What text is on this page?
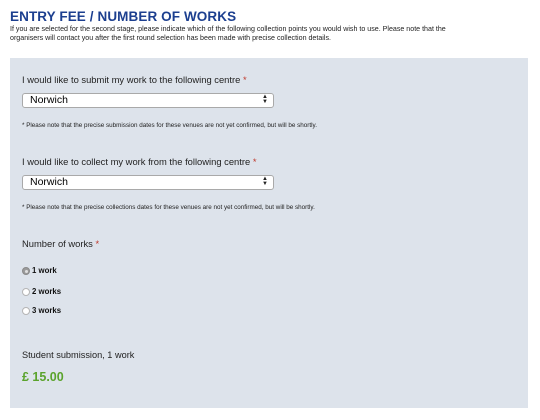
ENTRY FEE / NUMBER OF WORKS
If you are selected for the second stage, please indicate which of the following collection points you would wish to use. Please note that the
organisers will contact you after the first round selection has been made with precise collection details.
I would like to submit my work to the following centre *
Norwich	▲
▼
* Please note that the precise submission dates for these venues are not yet confirmed, but will be shortly.
I would like to collect my work from the following centre *
Norwich	▲
▼
* Please note that the precise collections dates for these venues are not yet confirmed, but will be shortly.
Number of works *
1 work
2 works
3 works
Student submission, 1 work
£ 15.00
